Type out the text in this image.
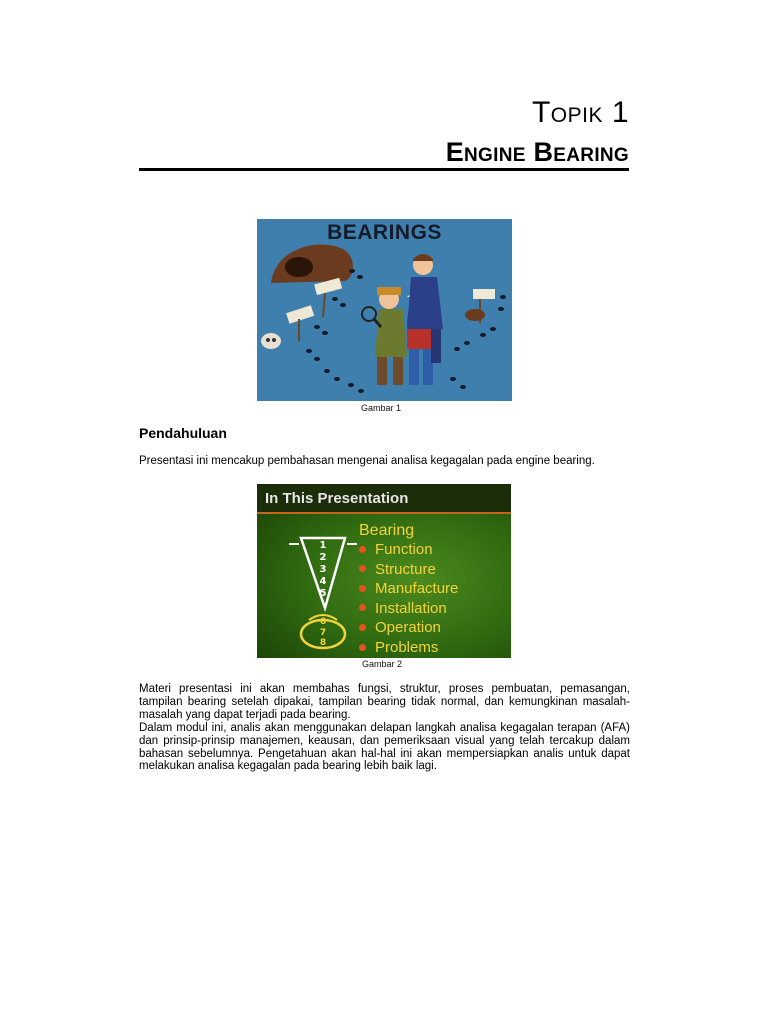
Topik 1
Engine Bearing
BEARINGS
Gambar 1
Pendahuluan
Presentasi ini mencakup pembahasan mengenai analisa kegagalan pada engine bearing.
In This Presentation
1
2
3
4
5
6
7
8
Bearing
Function
Structure
Manufacture
Installation
Operation
Problems
Gambar 2

Materi presentasi ini akan membahas fungsi, struktur, proses pembuatan, pemasangan, tampilan bearing setelah dipakai, tampilan bearing tidak normal, dan kemungkinan masalah-masalah yang dapat terjadi pada bearing.

Dalam modul ini, analis akan menggunakan delapan langkah analisa kegagalan terapan (AFA) dan prinsip-prinsip manajemen, keausan, dan pemeriksaan visual yang telah tercakup dalam bahasan sebelumnya. Pengetahuan akan hal-hal ini akan mempersiapkan analis untuk dapat melakukan analisa kegagalan pada bearing lebih baik lagi.
